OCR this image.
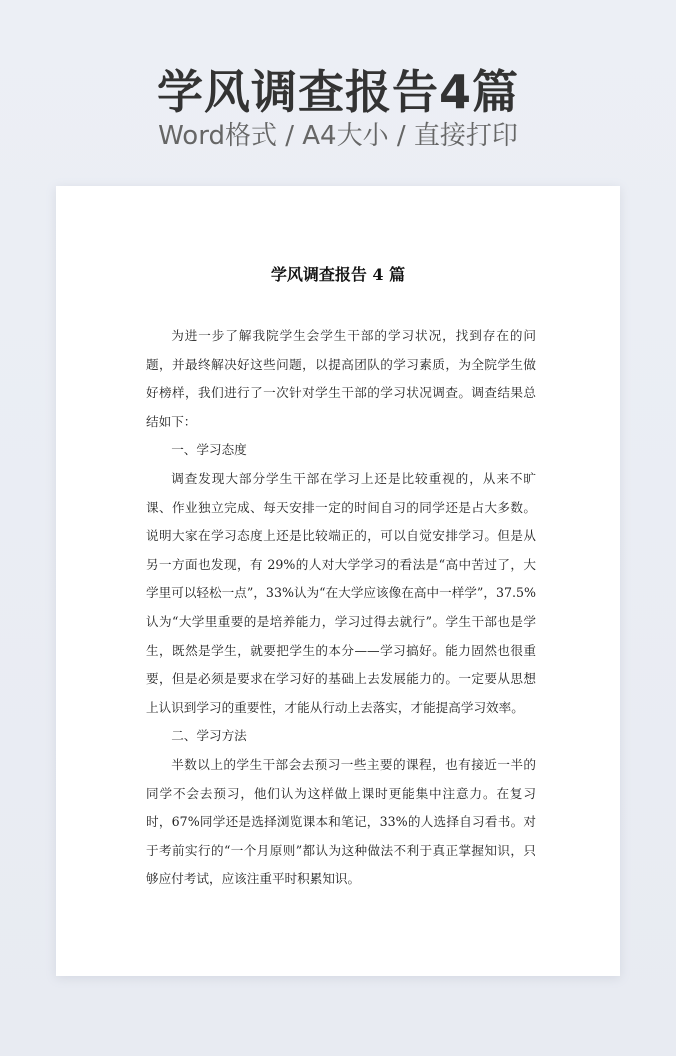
学风调查报告4篇
Word格式 / A4大小 / 直接打印
学风调查报告 4 篇

为进一步了解我院学生会学生干部的学习状况，找到存在的问题，并最终解决好这些问题，以提高团队的学习素质，为全院学生做好榜样，我们进行了一次针对学生干部的学习状况调查。调查结果总结如下：

一、学习态度

调查发现大部分学生干部在学习上还是比较重视的，从来不旷课、作业独立完成、每天安排一定的时间自习的同学还是占大多数。说明大家在学习态度上还是比较端正的，可以自觉安排学习。但是从另一方面也发现，有 29%的人对大学学习的看法是“高中苦过了，大学里可以轻松一点”，33%认为“在大学应该像在高中一样学”，37.5%认为“大学里重要的是培养能力，学习过得去就行”。学生干部也是学生，既然是学生，就要把学生的本分——学习搞好。能力固然也很重要，但是必须是要求在学习好的基础上去发展能力的。一定要从思想上认识到学习的重要性，才能从行动上去落实，才能提高学习效率。

二、学习方法

半数以上的学生干部会去预习一些主要的课程，也有接近一半的同学不会去预习，他们认为这样做上课时更能集中注意力。在复习时，67%同学还是选择浏览课本和笔记，33%的人选择自习看书。对于考前实行的“一个月原则”都认为这种做法不利于真正掌握知识，只够应付考试，应该注重平时积累知识。
